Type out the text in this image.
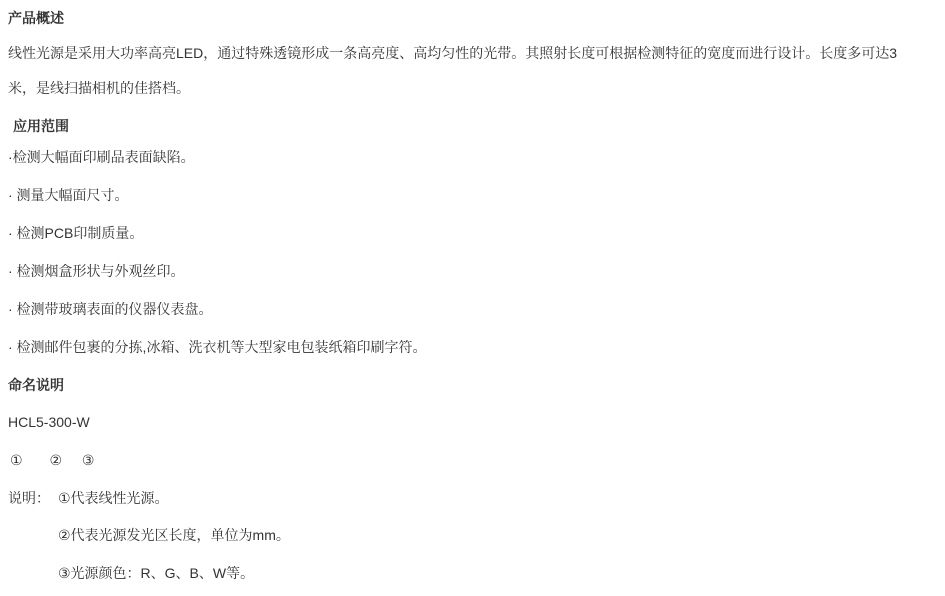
产品概述
线性光源是采用大功率高亮LED，通过特殊透镜形成一条高亮度、高均匀性的光带。其照射长度可根据检测特征的宽度而进行设计。长度多可达3
米，是线扫描相机的佳搭档。
应用范围
·检测大幅面印刷品表面缺陷。
· 测量大幅面尺寸。
· 检测PCB印制质量。
· 检测烟盒形状与外观丝印。
· 检测带玻璃表面的仪器仪表盘。
· 检测邮件包裹的分拣,冰箱、洗衣机等大型家电包装纸箱印刷字符。
命名说明
HCL5-300-W
① ② ③
说明： ①代表线性光源。
②代表光源发光区长度，单位为mm。
③光源颜色：R、G、B、W等。
